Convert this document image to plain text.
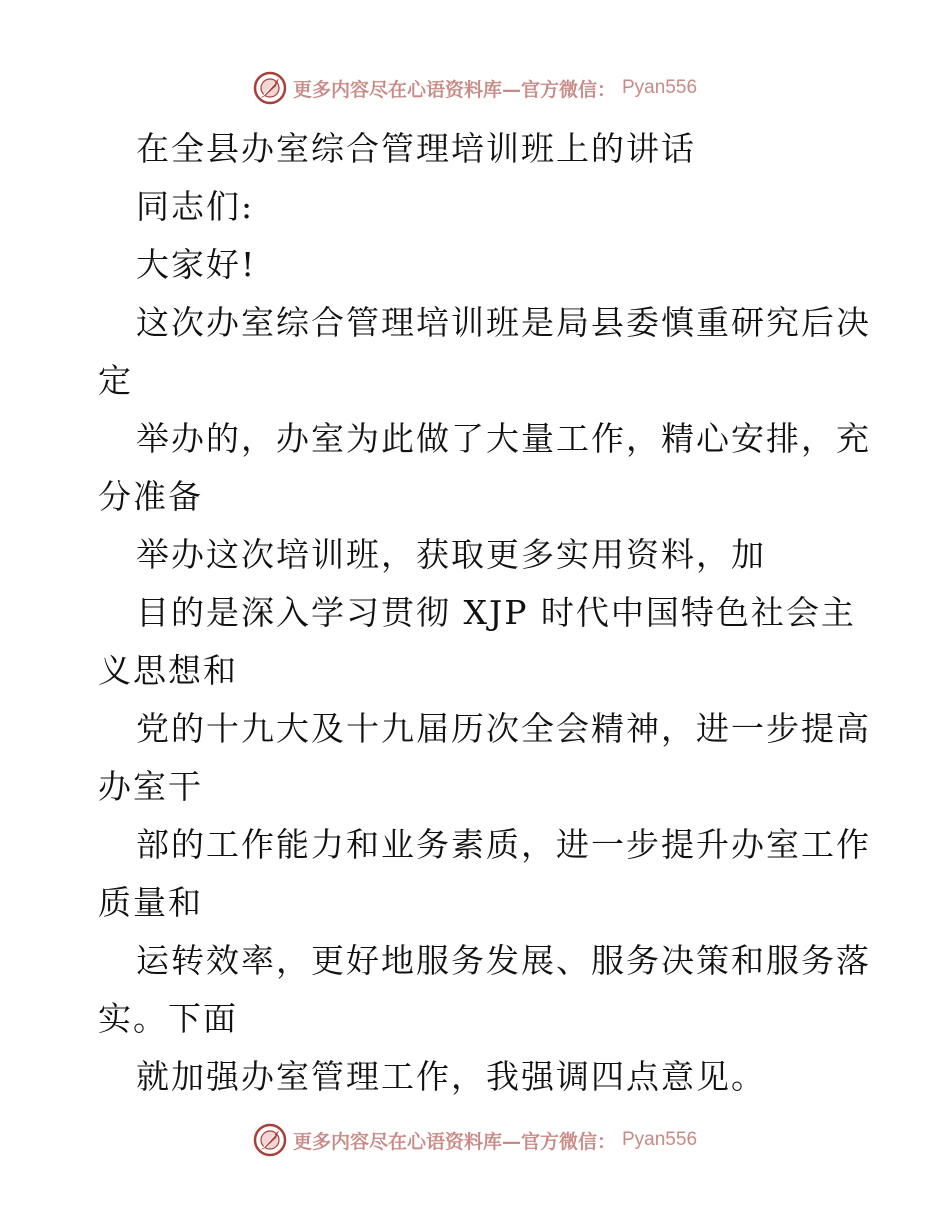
更多内容尽在心语资料库—官方微信： Pyan556
在全县办室综合管理培训班上的讲话
同志们:
大家好!
这次办室综合管理培训班是局县委慎重研究后决
定
举办的，办室为此做了大量工作，精心安排，充
分准备
举办这次培训班，获取更多实用资料，加
目的是深入学习贯彻 XJP 时代中国特色社会主
义思想和
党的十九大及十九届历次全会精神，进一步提高
办室干
部的工作能力和业务素质，进一步提升办室工作
质量和
运转效率，更好地服务发展、服务决策和服务落
实。下面
就加强办室管理工作，我强调四点意见。
更多内容尽在心语资料库—官方微信： Pyan556
